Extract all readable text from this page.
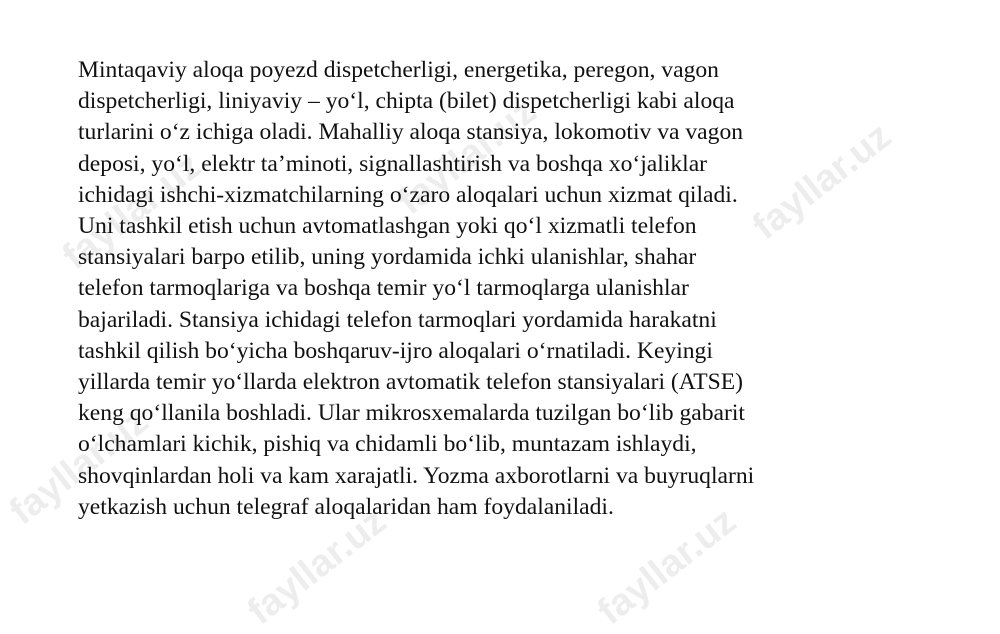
fayllar.uz	fayllar.uz	fayllar.uz
fayllar.uz
fayllar.uz	fayllar.uz
Mintaqaviy aloqa poyezd dispetcherligi, energetika, peregon, vagon
dispetcherligi, liniyaviy – yo‘l, chipta (bilet) dispetcherligi kabi aloqa
turlarini o‘z ichiga oladi. Mahalliy aloqa stansiya, lokomotiv va vagon
deposi, yo‘l, elektr ta’minoti, signallashtirish va boshqa xo‘jaliklar
ichidagi ishchi-xizmatchilarning o‘zaro aloqalari uchun xizmat qiladi.
Uni tashkil etish uchun avtomatlashgan yoki qo‘l xizmatli telefon
stansiyalari barpo etilib, uning yordamida ichki ulanishlar, shahar
telefon tarmoqlariga va boshqa temir yo‘l tarmoqlarga ulanishlar
bajariladi. Stansiya ichidagi telefon tarmoqlari yordamida harakatni
tashkil qilish bo‘yicha boshqaruv-ijro aloqalari o‘rnatiladi. Keyingi
yillarda temir yo‘llarda elektron avtomatik telefon stansiyalari (ATSE)
keng qo‘llanila boshladi. Ular mikrosxemalarda tuzilgan bo‘lib gabarit
o‘lchamlari kichik, pishiq va chidamli bo‘lib, muntazam ishlaydi,
shovqinlardan holi va kam xarajatli. Yozma axborotlarni va buyruqlarni
yetkazish uchun telegraf aloqalaridan ham foydalaniladi.
